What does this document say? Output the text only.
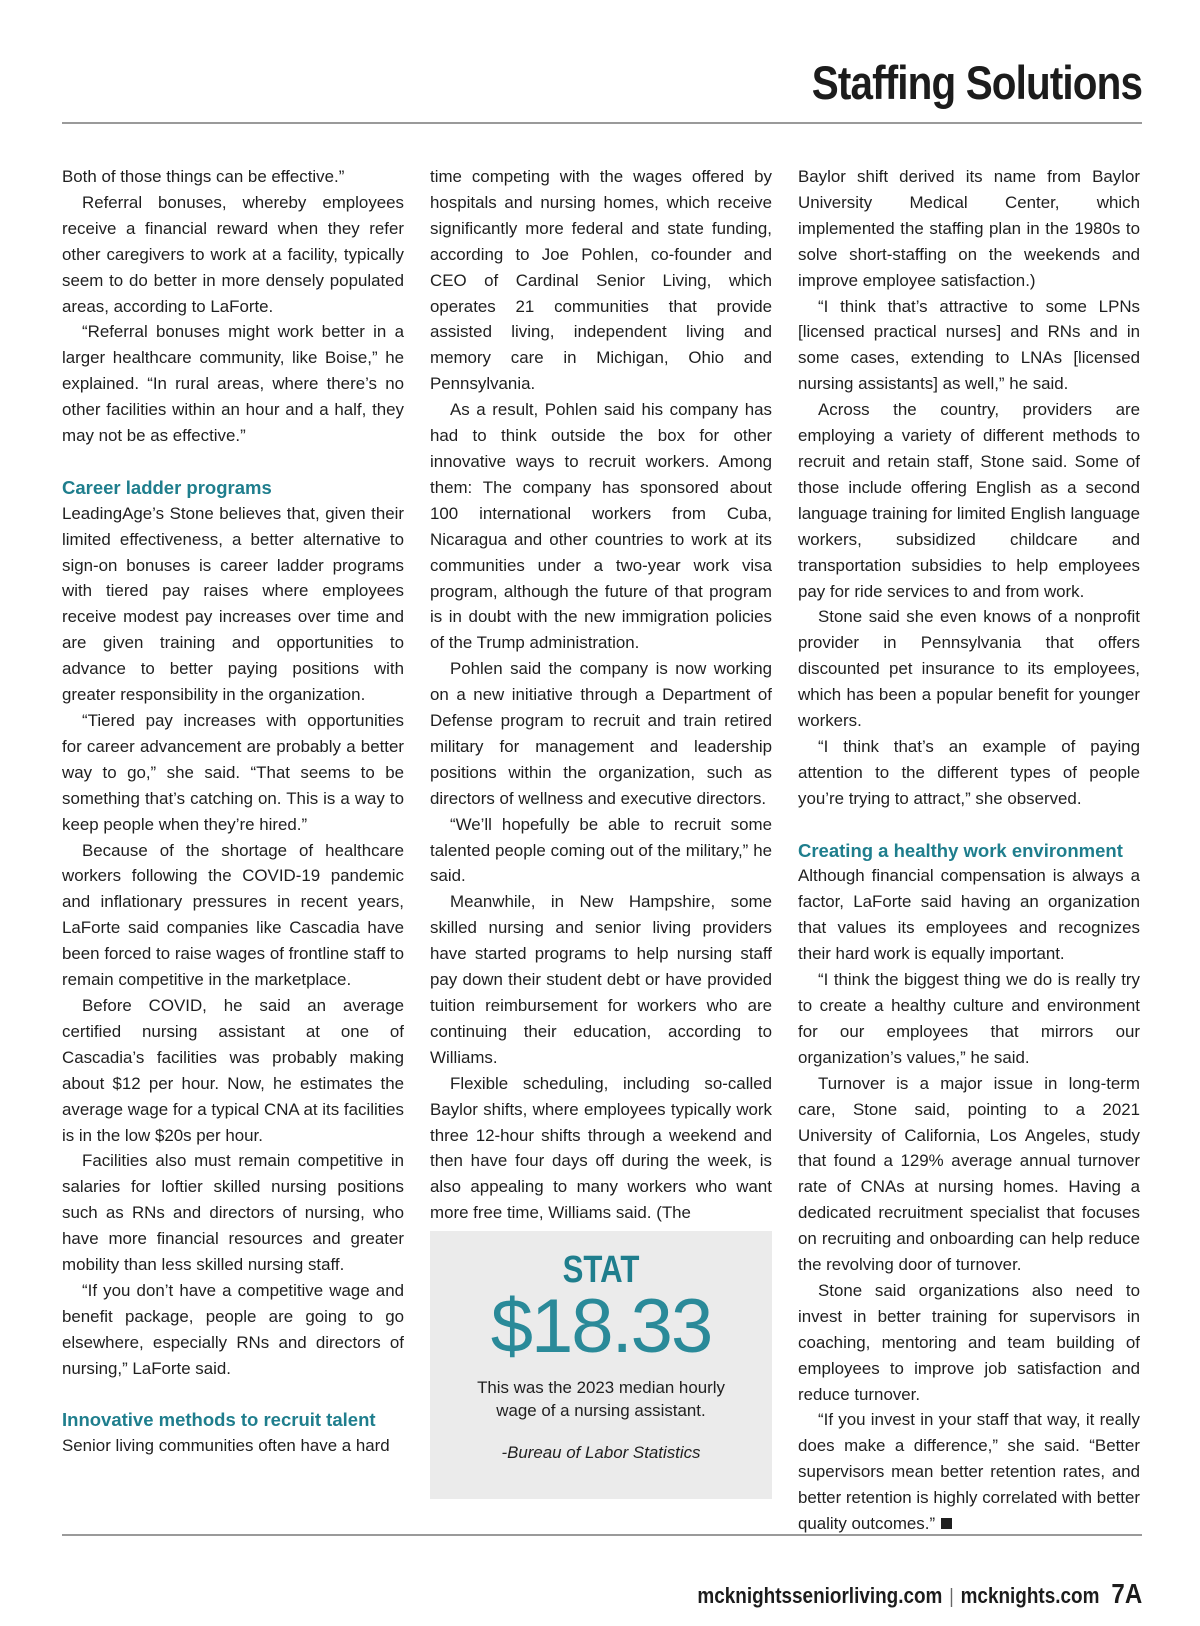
Staffing Solutions

Both of those things can be effective.”

Referral bonuses, whereby employees receive a financial reward when they refer other caregivers to work at a facility, typically seem to do better in more densely populated areas, according to LaForte.

“Referral bonuses might work better in a larger healthcare community, like Boise,” he explained. “In rural areas, where there’s no other facilities within an hour and a half, they may not be as effective.”

Career ladder programs

LeadingAge’s Stone believes that, given their limited effectiveness, a better alternative to sign-on bonuses is career ladder programs with tiered pay raises where employees receive modest pay increases over time and are given training and opportunities to advance to better paying positions with greater responsibility in the organization.

“Tiered pay increases with opportunities for career advancement are probably a better way to go,” she said. “That seems to be something that’s catching on. This is a way to keep people when they’re hired.”

Because of the shortage of healthcare workers following the COVID-19 pandemic and inflationary pressures in recent years, LaForte said companies like Cascadia have been forced to raise wages of frontline staff to remain competitive in the marketplace.

Before COVID, he said an average certified nursing assistant at one of Cascadia’s facilities was probably making about $12 per hour. Now, he estimates the average wage for a typical CNA at its facilities is in the low $20s per hour.

Facilities also must remain competitive in salaries for loftier skilled nursing positions such as RNs and directors of nursing, who have more financial resources and greater mobility than less skilled nursing staff.

“If you don’t have a competitive wage and benefit package, people are going to go elsewhere, especially RNs and directors of nursing,” LaForte said.

Innovative methods to recruit talent

Senior living communities often have a hard

time competing with the wages offered by hospitals and nursing homes, which receive significantly more federal and state funding, according to Joe Pohlen, co-founder and CEO of Cardinal Senior Living, which operates 21 communities that provide assisted living, independent living and memory care in Michigan, Ohio and Pennsylvania.

As a result, Pohlen said his company has had to think outside the box for other innovative ways to recruit workers. Among them: The company has sponsored about 100 international workers from Cuba, Nicaragua and other countries to work at its communities under a two-year work visa program, although the future of that program is in doubt with the new immigration policies of the Trump administration.

Pohlen said the company is now working on a new initiative through a Department of Defense program to recruit and train retired military for management and leadership positions within the organization, such as directors of wellness and executive directors.

“We’ll hopefully be able to recruit some talented people coming out of the military,” he said.

Meanwhile, in New Hampshire, some skilled nursing and senior living providers have started programs to help nursing staff pay down their student debt or have provided tuition reimbursement for workers who are continuing their education, according to Williams.

Flexible scheduling, including so-called Baylor shifts, where employees typically work three 12-hour shifts through a weekend and then have four days off during the week, is also appealing to many workers who want more free time, Williams said. (The

STAT
$18.33
This was the 2023 median hourly wage of a nursing assistant.
-Bureau of Labor Statistics

Baylor shift derived its name from Baylor University Medical Center, which implemented the staffing plan in the 1980s to solve short-staffing on the weekends and improve employee satisfaction.)

“I think that’s attractive to some LPNs [licensed practical nurses] and RNs and in some cases, extending to LNAs [licensed nursing assistants] as well,” he said.

Across the country, providers are employing a variety of different methods to recruit and retain staff, Stone said. Some of those include offering English as a second language training for limited English language workers, subsidized childcare and transportation subsidies to help employees pay for ride services to and from work.

Stone said she even knows of a nonprofit provider in Pennsylvania that offers discounted pet insurance to its employees, which has been a popular benefit for younger workers.

“I think that’s an example of paying attention to the different types of people you’re trying to attract,” she observed.

Creating a healthy work environment

Although financial compensation is always a factor, LaForte said having an organization that values its employees and recognizes their hard work is equally important.

“I think the biggest thing we do is really try to create a healthy culture and environment for our employees that mirrors our organization’s values,” he said.

Turnover is a major issue in long-term care, Stone said, pointing to a 2021 University of California, Los Angeles, study that found a 129% average annual turnover rate of CNAs at nursing homes. Having a dedicated recruitment specialist that focuses on recruiting and onboarding can help reduce the revolving door of turnover.

Stone said organizations also need to invest in better training for supervisors in coaching, mentoring and team building of employees to improve job satisfaction and reduce turnover.

“If you invest in your staff that way, it really does make a difference,” she said. “Better supervisors mean better retention rates, and better retention is highly correlated with better quality outcomes.”

mcknightsseniorliving.com | mcknights.com 7A
